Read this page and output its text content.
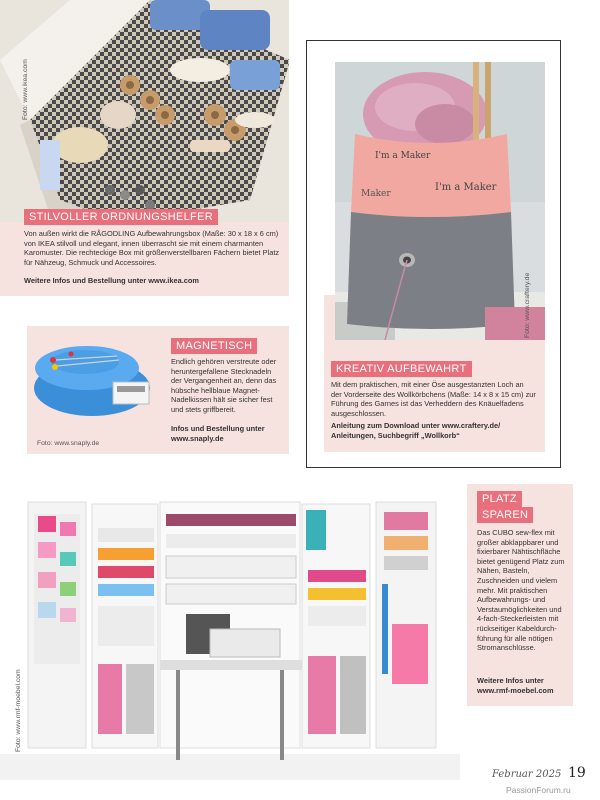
Foto: www.ikea.com
STILVOLLER ORDNUNGSHELFER
Von außen wirkt die RÅGODLING Aufbewahrungsbox (Maße: 30 x 18 x 6 cm) von IKEA stilvoll und elegant, innen überrascht sie mit einem charmanten Karomuster. Die rechteckige Box mit größenverstellbaren Fächern bietet Platz für Nähzeug, Schmuck und Accessoires.
Weitere Infos und Bestellung unter www.ikea.com
MAGNETISCH
Endlich gehören verstreute oder heruntergefallene Stecknadeln der Vergangenheit an, denn das hübsche hellblaue Magnet-Nadelkissen hält sie sicher fest und stets griffbereit.
Infos und Bestellung unter www.snaply.de
Foto: www.snaply.de
I'm a Maker
I'm a Maker
Maker
Foto: www.craftery.de
KREATIV AUFBEWAHRT
Mit dem praktischen, mit einer Öse ausgestanzten Loch an der Vorderseite des Wollkörbchens (Maße: 14 x 8 x 15 cm) zur Führung des Garnes ist das Verheddern des Knäuelfadens ausgeschlossen.
Anleitung zum Download unter www.craftery.de/ Anleitungen, Suchbegriff „Wollkorb“
Foto: www.rmf-moebel.com
PLATZ
SPAREN
Das CUBO sew-flex mit großer abklappbarer und fixierbarer Nähtischfläche bietet genügend Platz zum Nähen, Basteln, Zuschneiden und vielem mehr. Mit praktischen Aufbewahrungs- und Verstaumöglichkeiten und 4-fach-Steckerleisten mit rückseitiger Kabeldurchführung für alle nötigen Stromanschlüsse.
Weitere Infos unter www.rmf-moebel.com
Februar 2025 19
PassionForum.ru
